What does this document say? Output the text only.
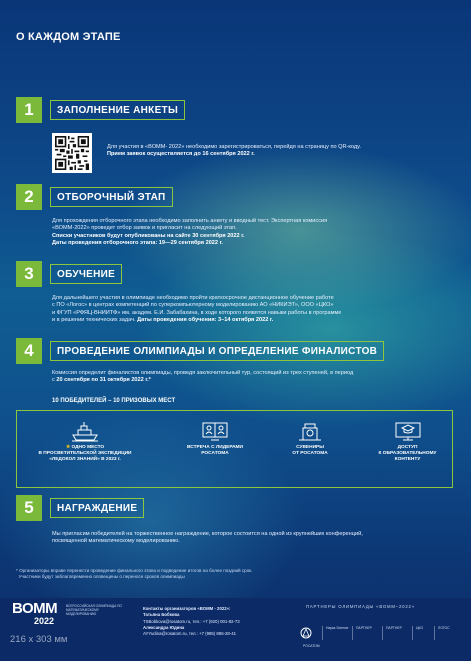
О КАЖДОМ ЭТАПЕ
1	ЗАПОЛНЕНИЕ АНКЕТЫ
Для участия в «ВОММ- 2022» необходимо зарегистрироваться, перейдя на страницу по QR-коду.
Прием заявок осуществляется до 16 сентября 2022 г.
2	ОТБОРОЧНЫЙ ЭТАП
Для прохождения отборочного этапа необходимо заполнить анкету и вводный тест. Экспертная комиссия
«ВОММ-2022» проведет отбор заявок и пригласит на следующий этап.
Списки участников будут опубликованы на сайте 30 сентября 2022 г.
Даты проведения отборочного этапа: 19—29 сентября 2022 г.
3	ОБУЧЕНИЕ
Для дальнейшего участия в олимпиаде необходимо пройти краткосрочное дистанционное обучение работе
с ПО «Логос» в центрах компетенций по суперкомпьютерному моделированию АО «НИКИЭТ», ООО «ЦКО»
и ФГУП «РФЯЦ-ВНИИТФ» им. академ. Е.И. Забабахина, в ходе которого появятся навыки работы в программе
и в решении технических задач. Даты проведения обучения: 3–14 октября 2022 г.
4	ПРОВЕДЕНИЕ ОЛИМПИАДЫ И ОПРЕДЕЛЕНИЕ ФИНАЛИСТОВ
Комиссия определит финалистов олимпиады, проведя заключительный тур, состоящий из трех ступеней, в период
с 20 сентября по 31 октября 2022 г.*
10 ПОБЕДИТЕЛЕЙ – 10 ПРИЗОВЫХ МЕСТ
★ ОДНО МЕСТО
В ПРОСВЕТИТЕЛЬСКОЙ ЭКСПЕДИЦИИ
«ЛЕДОКОЛ ЗНАНИЙ» В 2023 г.
ВСТРЕЧА С ЛИДЕРАМИ
РОСАТОМА
СУВЕНИРЫ
ОТ РОСАТОМА
ДОСТУП
К ОБРАЗОВАТЕЛЬНОМУ
КОНТЕНТУ
5	НАГРАЖДЕНИЕ
Мы пригласим победителей на торжественное награждение, которое состоится на одной из крупнейших конференций,
посвященной математическому моделированию.
* Организаторы вправе перенести проведение финального этапа и подведение итогов на более поздний срок.
Участники будут заблаговременно оповещены о переносе сроков олимпиады
ВОММ
2022
ВСЕРОССИЙСКАЯ ОЛИМПИАДА ПО МАТЕМАТИЧЕСКОМУ МОДЕЛИРОВАНИЮ
216 x 303 мм
Контакты организаторов «ВОММ - 2022»:
Татьяна Бобкова
TSBobkova@rosatom.ru, тел.: +7 (920) 001-82-73
Александра Юдина
AYYudina@rosatom.ru, тел.: +7 (985) 886-28-41
ПАРТНЕРЫ ОЛИМПИАДЫ «ВОММ–2022»
РОСАТОМ
Наука Science	ПАРТНЕР	ПАРТНЕР	ЦКО	ЛОГОС
